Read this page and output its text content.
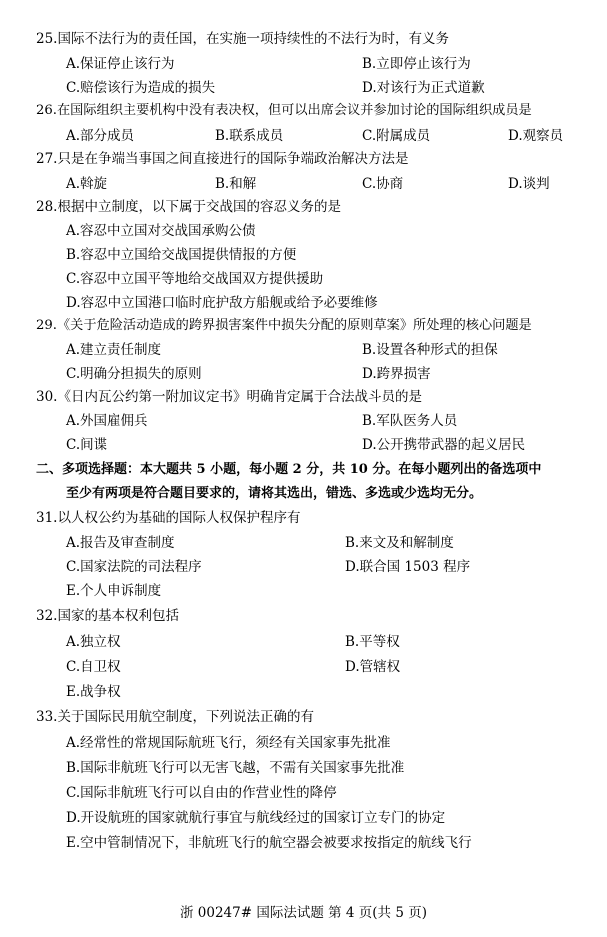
25.国际不法行为的责任国，在实施一项持续性的不法行为时，有义务
A.保证停止该行为	B.立即停止该行为
C.赔偿该行为造成的损失	D.对该行为正式道歉
26.在国际组织主要机构中没有表决权，但可以出席会议并参加讨论的国际组织成员是
A.部分成员	B.联系成员	C.附属成员	D.观察员
27.只是在争端当事国之间直接进行的国际争端政治解决方法是
A.斡旋	B.和解	C.协商	D.谈判
28.根据中立制度，以下属于交战国的容忍义务的是
A.容忍中立国对交战国承购公债
B.容忍中立国给交战国提供情报的方便
C.容忍中立国平等地给交战国双方提供援助
D.容忍中立国港口临时庇护敌方船舰或给予必要维修
29.《关于危险活动造成的跨界损害案件中损失分配的原则草案》所处理的核心问题是
A.建立责任制度	B.设置各种形式的担保
C.明确分担损失的原则	D.跨界损害
30.《日内瓦公约第一附加议定书》明确肯定属于合法战斗员的是
A.外国雇佣兵	B.军队医务人员
C.间谍	D.公开携带武器的起义居民
二、多项选择题：本大题共 5 小题，每小题 2 分，共 10 分。在每小题列出的备选项中
至少有两项是符合题目要求的，请将其选出，错选、多选或少选均无分。
31.以人权公约为基础的国际人权保护程序有
A.报告及审查制度	B.来文及和解制度
C.国家法院的司法程序	D.联合国 1503 程序
E.个人申诉制度
32.国家的基本权利包括
A.独立权	B.平等权
C.自卫权	D.管辖权
E.战争权
33.关于国际民用航空制度，下列说法正确的有
A.经常性的常规国际航班飞行，须经有关国家事先批准
B.国际非航班飞行可以无害飞越，不需有关国家事先批准
C.国际非航班飞行可以自由的作营业性的降停
D.开设航班的国家就航行事宜与航线经过的国家订立专门的协定
E.空中管制情况下，非航班飞行的航空器会被要求按指定的航线飞行
浙 00247# 国际法试题 第 4 页(共 5 页)
